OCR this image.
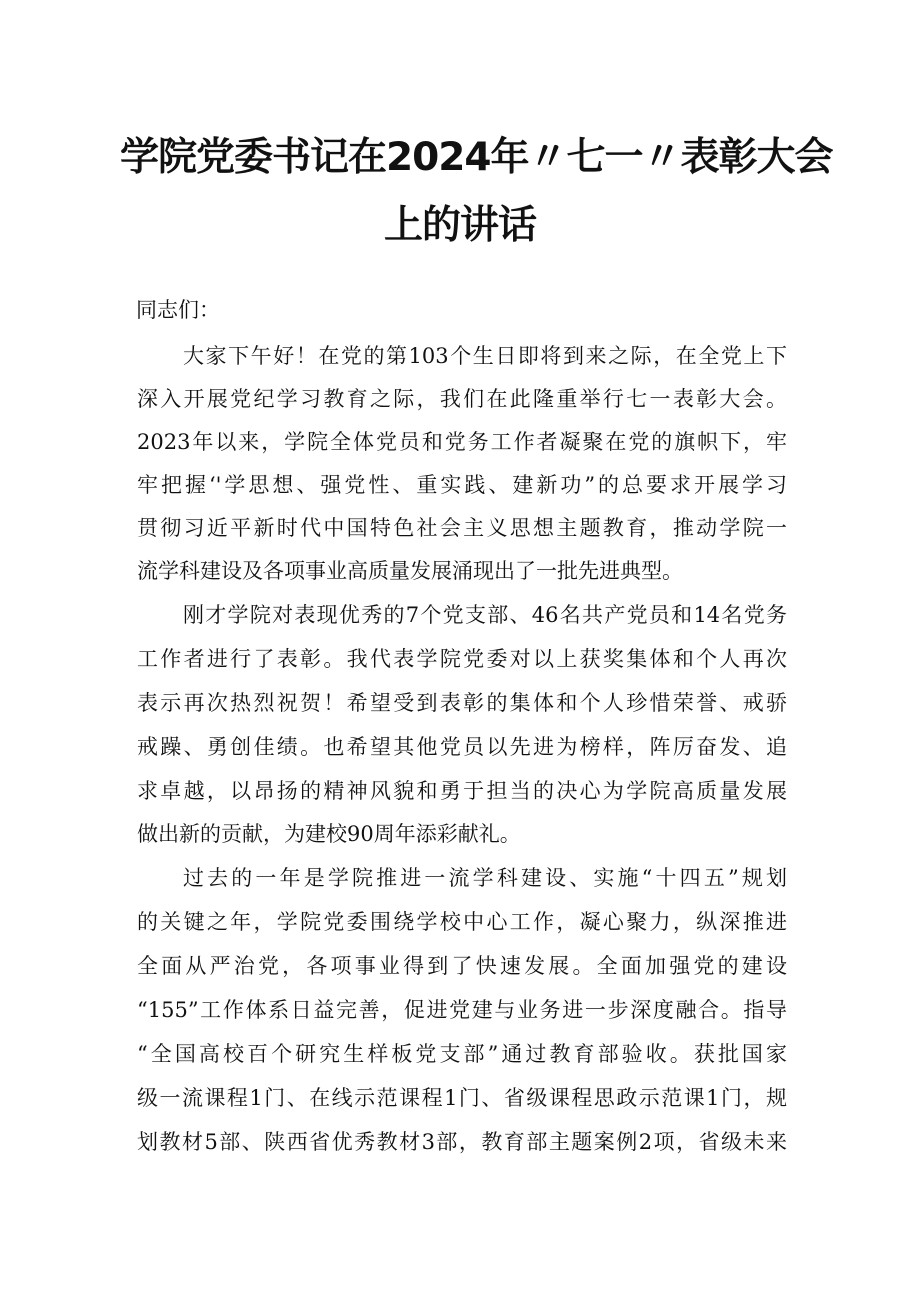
学院党委书记在2024年〃七一〃表彰大会
上的讲话
同志们：
大家下午好！在党的第103个生日即将到来之际，在全党上下
深入开展党纪学习教育之际，我们在此隆重举行七一表彰大会。
2023年以来，学院全体党员和党务工作者凝聚在党的旗帜下，牢
牢把握‘'学思想、强党性、重实践、建新功”的总要求开展学习
贯彻习近平新时代中国特色社会主义思想主题教育，推动学院一
流学科建设及各项事业高质量发展涌现出了一批先进典型。
刚才学院对表现优秀的7个党支部、46名共产党员和14名党务
工作者进行了表彰。我代表学院党委对以上获奖集体和个人再次
表示再次热烈祝贺！希望受到表彰的集体和个人珍惜荣誉、戒骄
戒躁、勇创佳绩。也希望其他党员以先进为榜样，阵厉奋发、追
求卓越，以昂扬的精神风貌和勇于担当的决心为学院高质量发展
做出新的贡献，为建校90周年添彩献礼。
过去的一年是学院推进一流学科建设、实施“十四五”规划
的关键之年，学院党委围绕学校中心工作，凝心聚力，纵深推进
全面从严治党，各项事业得到了快速发展。全面加强党的建设
“155”工作体系日益完善，促进党建与业务进一步深度融合。指导
“全国高校百个研究生样板党支部”通过教育部验收。获批国家
级一流课程1门、在线示范课程1门、省级课程思政示范课1门，规
划教材5部、陕西省优秀教材3部，教育部主题案例2项，省级未来
